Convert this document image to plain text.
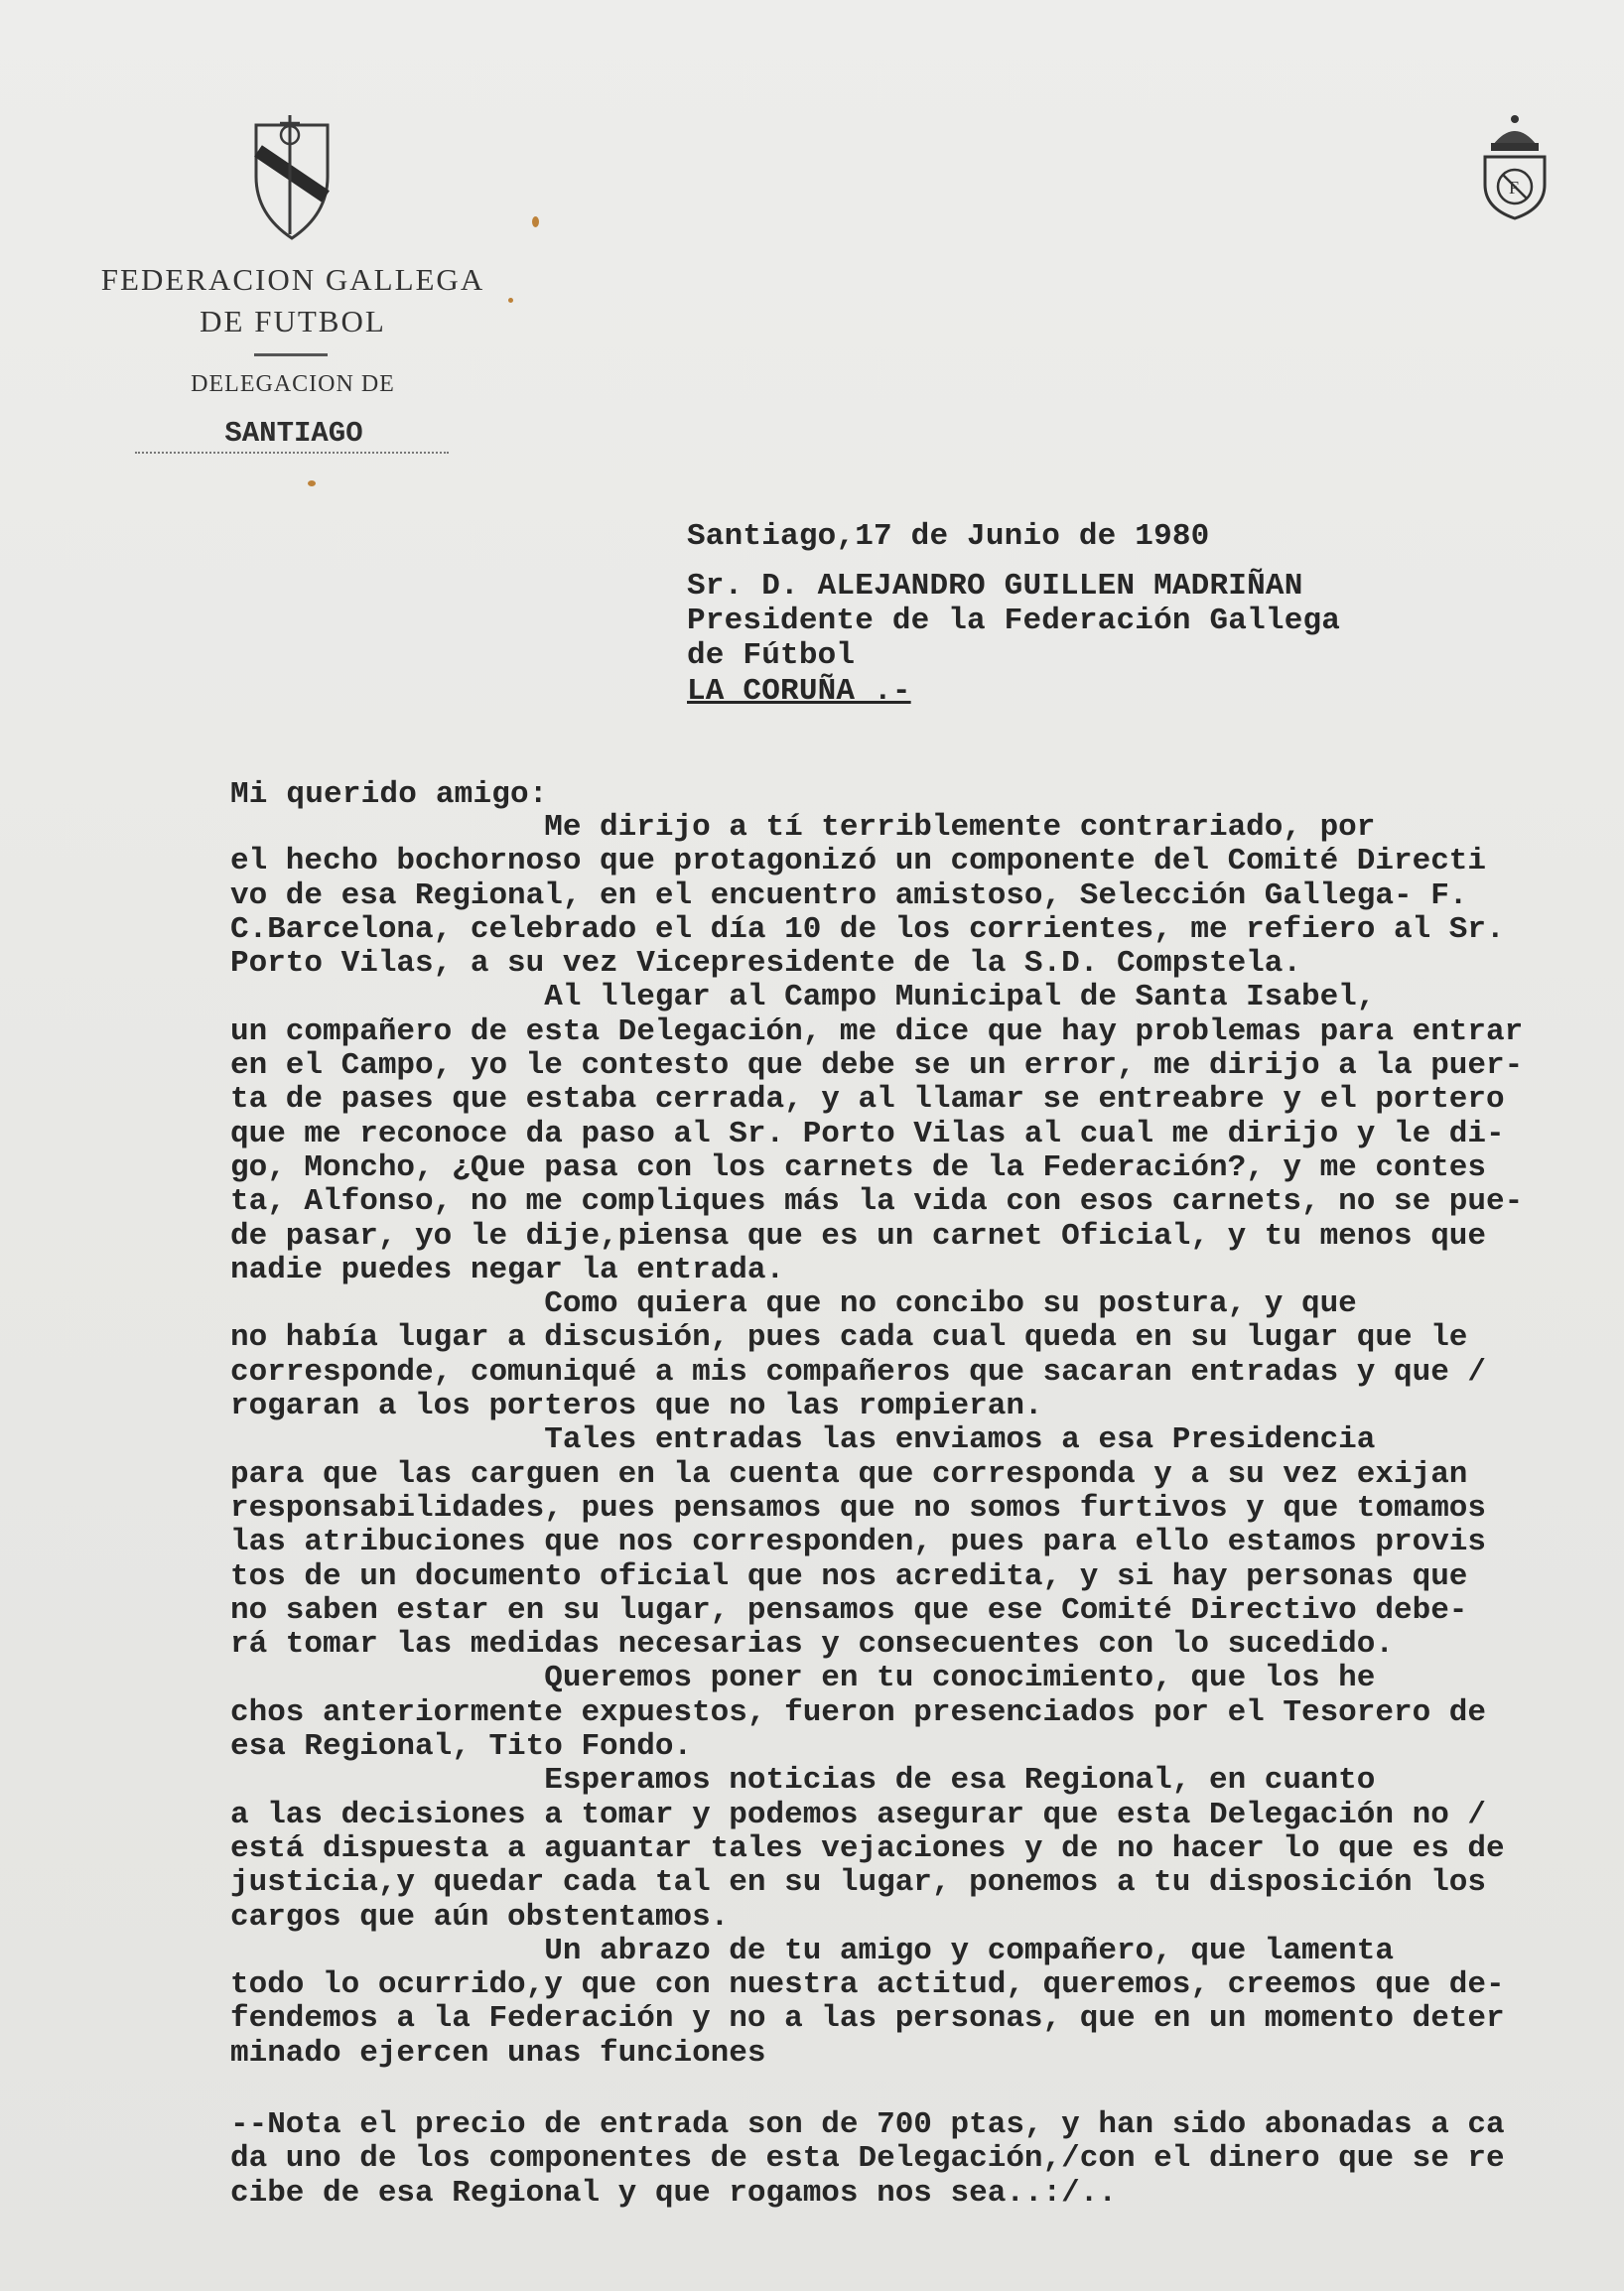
F
FEDERACION GALLEGA
DE FUTBOL
DELEGACION DE
SANTIAGO
Santiago,17 de Junio de 1980
Sr. D. ALEJANDRO GUILLEN MADRIÑAN
Presidente de la Federación Gallega
de Fútbol
LA CORUÑA .-
Mi querido amigo:
Me dirijo a tí terriblemente contrariado, por
el hecho bochornoso que protagonizó un componente del Comité Directi
vo de esa Regional, en el encuentro amistoso, Selección Gallega- F.
C.Barcelona, celebrado el día 10 de los corrientes, me refiero al Sr.
Porto Vilas, a su vez Vicepresidente de la S.D. Compstela.
Al llegar al Campo Municipal de Santa Isabel,
un compañero de esta Delegación, me dice que hay problemas para entrar
en el Campo, yo le contesto que debe se un error, me dirijo a la puer-
ta de pases que estaba cerrada, y al llamar se entreabre y el portero
que me reconoce da paso al Sr. Porto Vilas al cual me dirijo y le di-
go, Moncho, ¿Que pasa con los carnets de la Federación?, y me contes
ta, Alfonso, no me compliques más la vida con esos carnets, no se pue-
de pasar, yo le dije,piensa que es un carnet Oficial, y tu menos que
nadie puedes negar la entrada.
Como quiera que no concibo su postura, y que
no había lugar a discusión, pues cada cual queda en su lugar que le
corresponde, comuniqué a mis compañeros que sacaran entradas y que /
rogaran a los porteros que no las rompieran.
Tales entradas las enviamos a esa Presidencia
para que las carguen en la cuenta que corresponda y a su vez exijan
responsabilidades, pues pensamos que no somos furtivos y que tomamos
las atribuciones que nos corresponden, pues para ello estamos provis
tos de un documento oficial que nos acredita, y si hay personas que
no saben estar en su lugar, pensamos que ese Comité Directivo debe-
rá tomar las medidas necesarias y consecuentes con lo sucedido.
Queremos poner en tu conocimiento, que los he
chos anteriormente expuestos, fueron presenciados por el Tesorero de
esa Regional, Tito Fondo.
Esperamos noticias de esa Regional, en cuanto
a las decisiones a tomar y podemos asegurar que esta Delegación no /
está dispuesta a aguantar tales vejaciones y de no hacer lo que es de
justicia,y quedar cada tal en su lugar, ponemos a tu disposición los
cargos que aún obstentamos.
Un abrazo de tu amigo y compañero, que lamenta
todo lo ocurrido,y que con nuestra actitud, queremos, creemos que de-
fendemos a la Federación y no a las personas, que en un momento deter
minado ejercen unas funciones
--Nota el precio de entrada son de 700 ptas, y han sido abonadas a ca
da uno de los componentes de esta Delegación,/con el dinero que se re
cibe de esa Regional y que rogamos nos sea..:/..
